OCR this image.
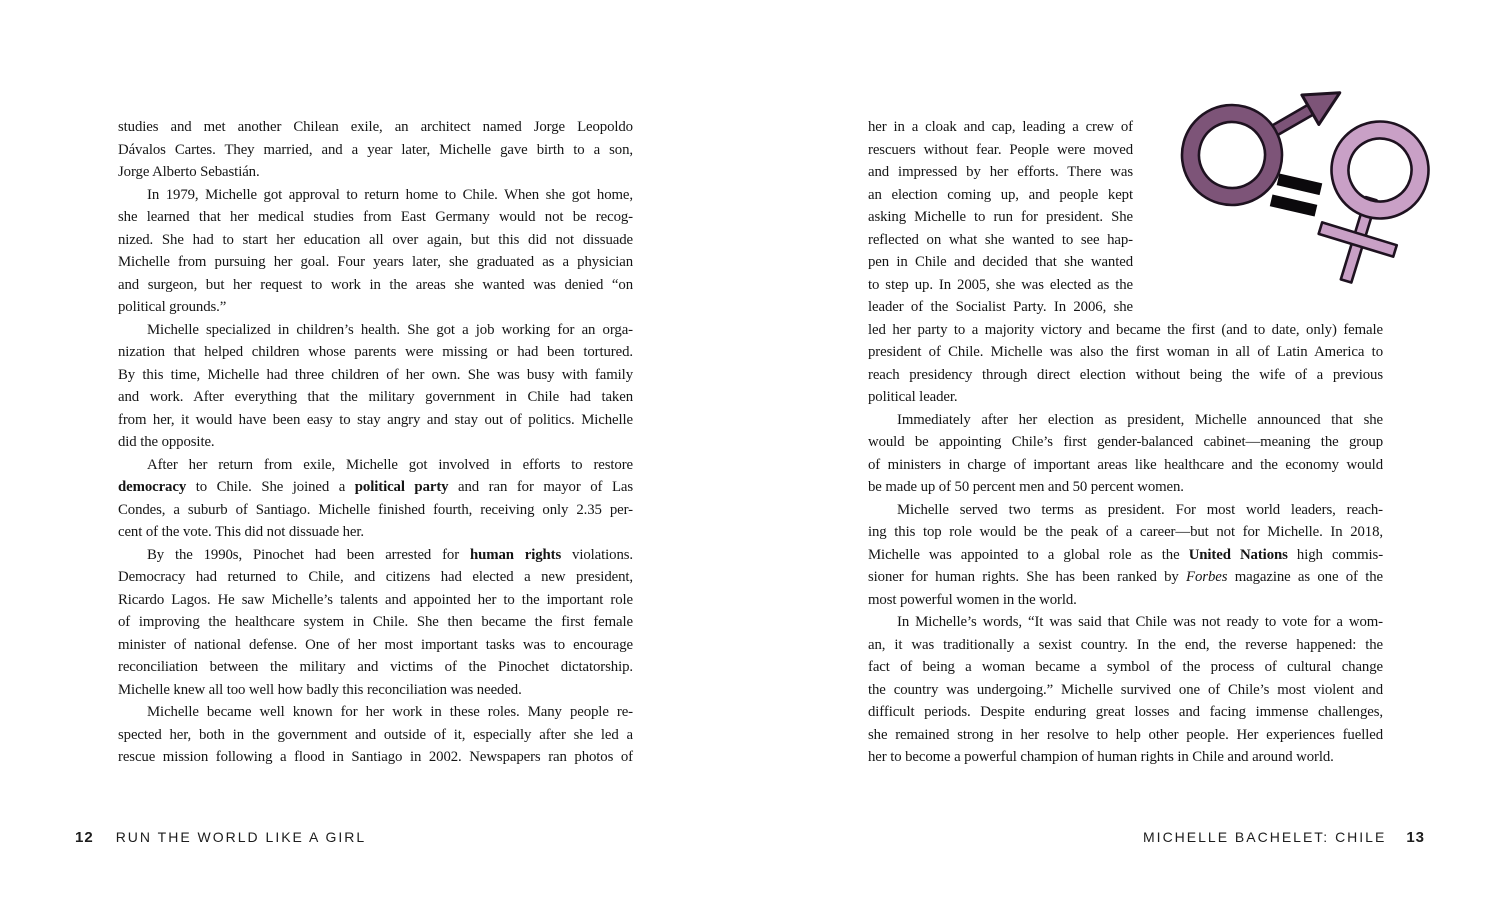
studies and met another Chilean exile, an architect named Jorge Leopoldo
Dávalos Cartes. They married, and a year later, Michelle gave birth to a son,
Jorge Alberto Sebastián.
In 1979, Michelle got approval to return home to Chile. When she got home,
she learned that her medical studies from East Germany would not be recog-
nized. She had to start her education all over again, but this did not dissuade
Michelle from pursuing her goal. Four years later, she graduated as a physician
and surgeon, but her request to work in the areas she wanted was denied “on
political grounds.”
Michelle specialized in children’s health. She got a job working for an orga-
nization that helped children whose parents were missing or had been tortured.
By this time, Michelle had three children of her own. She was busy with family
and work. After everything that the military government in Chile had taken
from her, it would have been easy to stay angry and stay out of politics. Michelle
did the opposite.
After her return from exile, Michelle got involved in efforts to restore
democracy to Chile. She joined a political party and ran for mayor of Las
Condes, a suburb of Santiago. Michelle finished fourth, receiving only 2.35 per-
cent of the vote. This did not dissuade her.
By the 1990s, Pinochet had been arrested for human rights violations.
Democracy had returned to Chile, and citizens had elected a new president,
Ricardo Lagos. He saw Michelle’s talents and appointed her to the important role
of improving the healthcare system in Chile. She then became the first female
minister of national defense. One of her most important tasks was to encourage
reconciliation between the military and victims of the Pinochet dictatorship.
Michelle knew all too well how badly this reconciliation was needed.
Michelle became well known for her work in these roles. Many people re-
spected her, both in the government and outside of it, especially after she led a
rescue mission following a flood in Santiago in 2002. Newspapers ran photos of
her in a cloak and cap, leading a crew of
rescuers without fear. People were moved
and impressed by her efforts. There was
an election coming up, and people kept
asking Michelle to run for president. She
reflected on what she wanted to see hap-
pen in Chile and decided that she wanted
to step up. In 2005, she was elected as the
leader of the Socialist Party. In 2006, she
led her party to a majority victory and became the first (and to date, only) female
president of Chile. Michelle was also the first woman in all of Latin America to
reach presidency through direct election without being the wife of a previous
political leader.
Immediately after her election as president, Michelle announced that she
would be appointing Chile’s first gender-balanced cabinet—meaning the group
of ministers in charge of important areas like healthcare and the economy would
be made up of 50 percent men and 50 percent women.
Michelle served two terms as president. For most world leaders, reach-
ing this top role would be the peak of a career—but not for Michelle. In 2018,
Michelle was appointed to a global role as the United Nations high commis-
sioner for human rights. She has been ranked by Forbes magazine as one of the
most powerful women in the world.
In Michelle’s words, “It was said that Chile was not ready to vote for a wom-
an, it was traditionally a sexist country. In the end, the reverse happened: the
fact of being a woman became a symbol of the process of cultural change
the country was undergoing.” Michelle survived one of Chile’s most violent and
difficult periods. Despite enduring great losses and facing immense challenges,
she remained strong in her resolve to help other people. Her experiences fuelled
her to become a powerful champion of human rights in Chile and around world.
12 RUN THE WORLD LIKE A GIRL	MICHELLE BACHELET: CHILE 13
